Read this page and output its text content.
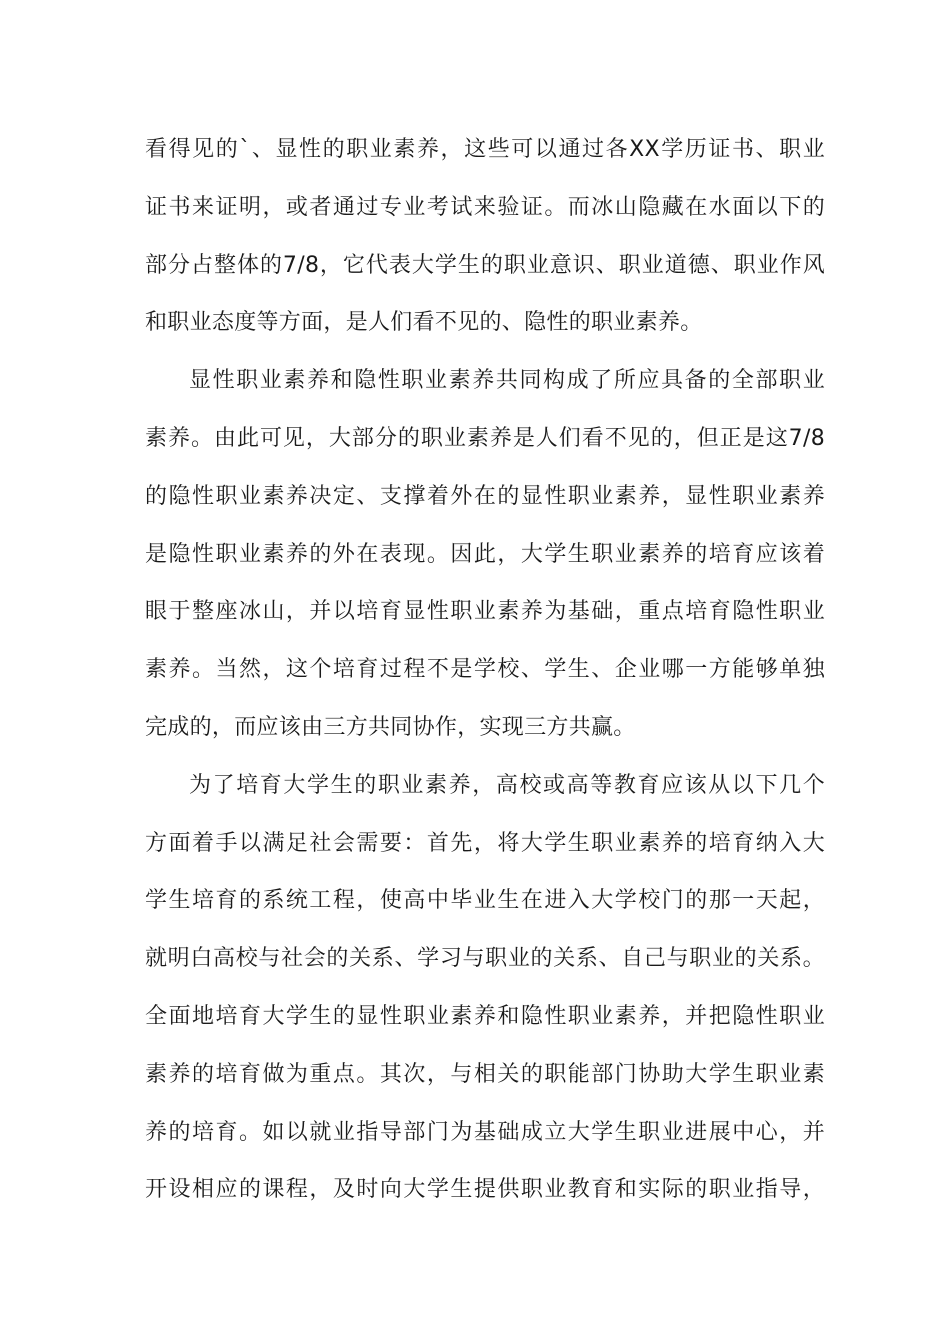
看得见的`、显性的职业素养，这些可以通过各XX学历证书、职业
证书来证明，或者通过专业考试来验证。而冰山隐藏在水面以下的
部分占整体的7/8，它代表大学生的职业意识、职业道德、职业作风
和职业态度等方面，是人们看不见的、隐性的职业素养。
显性职业素养和隐性职业素养共同构成了所应具备的全部职业
素养。由此可见，大部分的职业素养是人们看不见的，但正是这7/8
的隐性职业素养决定、支撑着外在的显性职业素养，显性职业素养
是隐性职业素养的外在表现。因此，大学生职业素养的培育应该着
眼于整座冰山，并以培育显性职业素养为基础，重点培育隐性职业
素养。当然，这个培育过程不是学校、学生、企业哪一方能够单独
完成的，而应该由三方共同协作，实现三方共赢。
为了培育大学生的职业素养，高校或高等教育应该从以下几个
方面着手以满足社会需要：首先，将大学生职业素养的培育纳入大
学生培育的系统工程，使高中毕业生在进入大学校门的那一天起，
就明白高校与社会的关系、学习与职业的关系、自己与职业的关系。
全面地培育大学生的显性职业素养和隐性职业素养，并把隐性职业
素养的培育做为重点。其次，与相关的职能部门协助大学生职业素
养的培育。如以就业指导部门为基础成立大学生职业进展中心，并
开设相应的课程，及时向大学生提供职业教育和实际的职业指导，
